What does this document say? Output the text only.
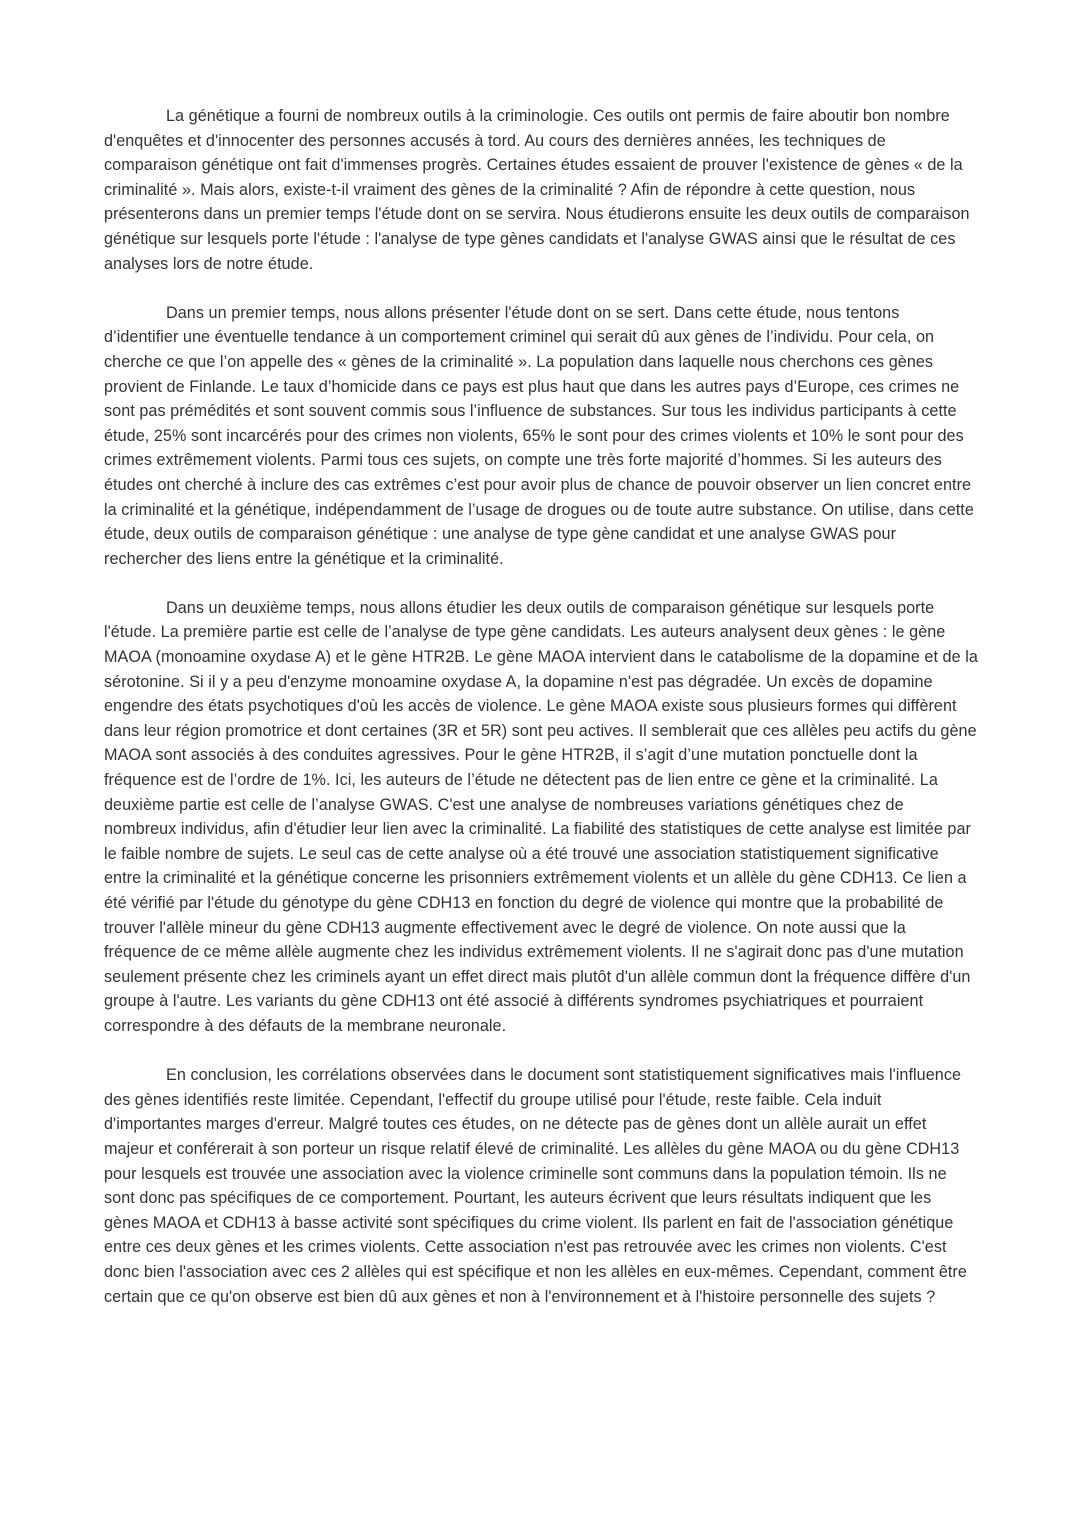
La génétique a fourni de nombreux outils à la criminologie. Ces outils ont permis de faire aboutir bon nombre d'enquêtes et d'innocenter des personnes accusés à tord. Au cours des dernières années, les techniques de comparaison génétique ont fait d'immenses progrès. Certaines études essaient de prouver l'existence de gènes « de la criminalité ». Mais alors, existe-t-il vraiment des gènes de la criminalité ? Afin de répondre à cette question, nous présenterons dans un premier temps l'étude dont on se servira. Nous étudierons ensuite les deux outils de comparaison génétique sur lesquels porte l'étude : l'analyse de type gènes candidats et l'analyse GWAS ainsi que le résultat de ces analyses lors de notre étude.

Dans un premier temps, nous allons présenter l'étude dont on se sert. Dans cette étude, nous tentons d’identifier une éventuelle tendance à un comportement criminel qui serait dû aux gènes de l’individu. Pour cela, on cherche ce que l’on appelle des « gènes de la criminalité ». La population dans laquelle nous cherchons ces gènes provient de Finlande. Le taux d’homicide dans ce pays est plus haut que dans les autres pays d’Europe, ces crimes ne sont pas prémédités et sont souvent commis sous l’influence de substances. Sur tous les individus participants à cette étude, 25% sont incarcérés pour des crimes non violents, 65% le sont pour des crimes violents et 10% le sont pour des crimes extrêmement violents. Parmi tous ces sujets, on compte une très forte majorité d’hommes. Si les auteurs des études ont cherché à inclure des cas extrêmes c’est pour avoir plus de chance de pouvoir observer un lien concret entre la criminalité et la génétique, indépendamment de l’usage de drogues ou de toute autre substance. On utilise, dans cette étude, deux outils de comparaison génétique : une analyse de type gène candidat et une analyse GWAS pour rechercher des liens entre la génétique et la criminalité.

Dans un deuxième temps, nous allons étudier les deux outils de comparaison génétique sur lesquels porte l'étude. La première partie est celle de l’analyse de type gène candidats. Les auteurs analysent deux gènes : le gène MAOA (monoamine oxydase A) et le gène HTR2B. Le gène MAOA intervient dans le catabolisme de la dopamine et de la sérotonine. Si il y a peu d'enzyme monoamine oxydase A, la dopamine n'est pas dégradée. Un excès de dopamine engendre des états psychotiques d'où les accès de violence. Le gène MAOA existe sous plusieurs formes qui diffèrent dans leur région promotrice et dont certaines (3R et 5R) sont peu actives. Il semblerait que ces allèles peu actifs du gène MAOA sont associés à des conduites agressives. Pour le gène HTR2B, il s’agit d’une mutation ponctuelle dont la fréquence est de l’ordre de 1%. Ici, les auteurs de l’étude ne détectent pas de lien entre ce gène et la criminalité. La deuxième partie est celle de l’analyse GWAS. C'est une analyse de nombreuses variations génétiques chez de nombreux individus, afin d'étudier leur lien avec la criminalité. La fiabilité des statistiques de cette analyse est limitée par le faible nombre de sujets. Le seul cas de cette analyse où a été trouvé une association statistiquement significative entre la criminalité et la génétique concerne les prisonniers extrêmement violents et un allèle du gène CDH13. Ce lien a été vérifié par l'étude du génotype du gène CDH13 en fonction du degré de violence qui montre que la probabilité de trouver l'allèle mineur du gène CDH13 augmente effectivement avec le degré de violence. On note aussi que la fréquence de ce même allèle augmente chez les individus extrêmement violents. Il ne s'agirait donc pas d'une mutation seulement présente chez les criminels ayant un effet direct mais plutôt d'un allèle commun dont la fréquence diffère d'un groupe à l'autre. Les variants du gène CDH13 ont été associé à différents syndromes psychiatriques et pourraient correspondre à des défauts de la membrane neuronale.

En conclusion, les corrélations observées dans le document sont statistiquement significatives mais l'influence des gènes identifiés reste limitée. Cependant, l'effectif du groupe utilisé pour l'étude, reste faible. Cela induit d'importantes marges d'erreur. Malgré toutes ces études, on ne détecte pas de gènes dont un allèle aurait un effet majeur et conférerait à son porteur un risque relatif élevé de criminalité. Les allèles du gène MAOA ou du gène CDH13 pour lesquels est trouvée une association avec la violence criminelle sont communs dans la population témoin. Ils ne sont donc pas spécifiques de ce comportement. Pourtant, les auteurs écrivent que leurs résultats indiquent que les gènes MAOA et CDH13 à basse activité sont spécifiques du crime violent. Ils parlent en fait de l'association génétique entre ces deux gènes et les crimes violents. Cette association n'est pas retrouvée avec les crimes non violents. C'est donc bien l'association avec ces 2 allèles qui est spécifique et non les allèles en eux-mêmes. Cependant, comment être certain que ce qu'on observe est bien dû aux gènes et non à l'environnement et à l'histoire personnelle des sujets ?
